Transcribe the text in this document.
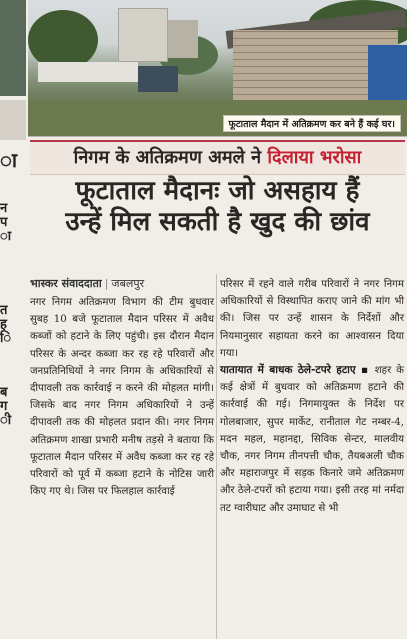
ा
न
प
ा
त
ह
ि
ब
ग
ी
फूटाताल मैदान में अतिक्रमण कर बने हैं कई घर।
निगम के अतिक्रमण अमले ने दिलाया भरोसा
फूटाताल मैदानः जो असहाय हैं
उन्हें मिल सकती है खुद की छांव
भास्कर संवाददाता | जबलपुर
नगर निगम अतिक्रमण विभाग की टीम बुधवार सुबह 10 बजे फूटाताल मैदान परिसर में अवैध कब्जों को हटाने के लिए पहुंची। इस दौरान मैदान परिसर के अन्दर कब्जा कर रह रहे परिवारों और जनप्रतिनिधियों ने नगर निगम के अधिकारियों से दीपावली तक कार्रवाई न करने की मोहलत मांगी। जिसके बाद नगर निगम अधिकारियों ने उन्हें दीपावली तक की मोहलत प्रदान की। नगर निगम अतिक्रमण शाखा प्रभारी मनीष तड़से ने बताया कि फूटाताल मैदान परिसर में अवैध कब्जा कर रह रहे परिवारों को पूर्व में कब्जा हटाने के नोटिस जारी किए गए थे। जिस पर फिलहाल कार्रवाई
परिसर में रहने वाले गरीब परिवारों ने नगर निगम अधिकारियों से विस्थापित कराए जाने की मांग भी की। जिस पर उन्हें शासन के निर्देशों और नियमानुसार सहायता करने का आश्वासन दिया गया।
यातायात में बाधक ठेले-टपरे हटाए ▪ शहर के कई क्षेत्रों में बुधवार को अतिक्रमण हटाने की कार्रवाई की गई। निगमायुक्त के निर्देश पर गोलबाजार, सुपर मार्केट, रानीताल गेट नम्बर-4, मदन महल, महानद्दा, सिविक सेन्टर, मालवीय चौक, नगर निगम तीनपत्ती चौक, तैयबअली चौक और महाराजपुर में सड़क किनारे जमे अतिक्रमण और ठेले-टपरों को हटाया गया। इसी तरह मां नर्मदा तट ग्वारीघाट और उमाघाट से भी
